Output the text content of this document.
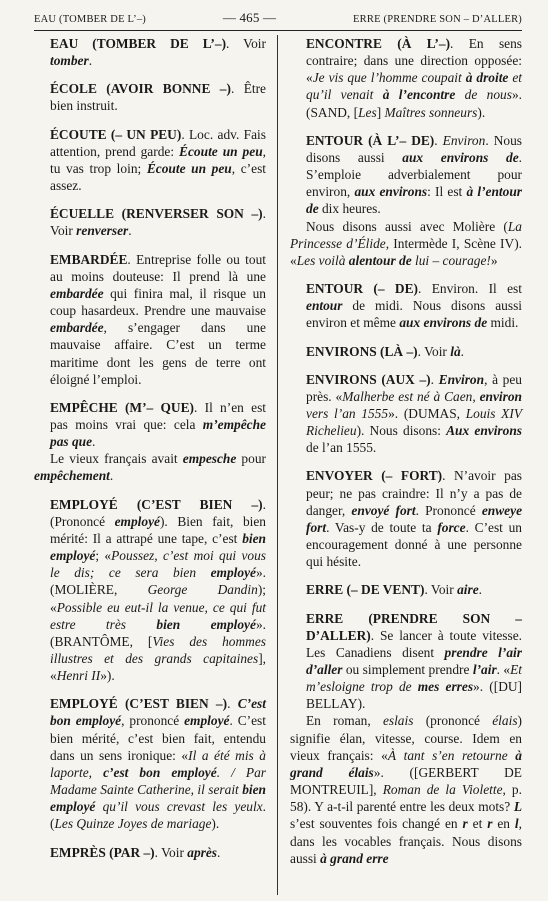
EAU (TOMBER DE L’–)	— 465 —	ERRE (PRENDRE SON – D’ALLER)

EAU (TOMBER DE L’–). Voir tomber.

ÉCOLE (AVOIR BONNE –). Être bien instruit.

ÉCOUTE (– UN PEU). Loc. adv. Fais attention, prend garde: Écoute un peu, tu vas trop loin; Écoute un peu, c’est assez.

ÉCUELLE (RENVERSER SON –). Voir renverser.

EMBARDÉE. Entreprise folle ou tout au moins douteuse: Il prend là une embardée qui finira mal, il risque un coup hasardeux. Prendre une mauvaise embardée, s’engager dans une mauvaise affaire. C’est un terme maritime dont les gens de terre ont éloigné l’emploi.

EMPÊCHE (M’– QUE). Il n’en est pas moins vrai que: cela m’empêche pas que.

Le vieux français avait empesche pour empêchement.

EMPLOYÉ (C’EST BIEN –). (Prononcé employé). Bien fait, bien mérité: Il a attrapé une tape, c’est bien employé; «Poussez, c’est moi qui vous le dis; ce sera bien employé». (MOLIÈRE, George Dandin); «Possible eu eut-il la venue, ce qui fut estre très bien employé». (BRANTÔME, [Vies des hommes illustres et des grands capitaines], «Henri II»).

EMPLOYÉ (C’EST BIEN –). C’est bon employé, prononcé employé. C’est bien mérité, c’est bien fait, entendu dans un sens ironique: «Il a été mis à laporte, c’est bon employé. / Par Madame Sainte Catherine, il serait bien employé qu’il vous crevast les yeulx. (Les Quinze Joyes de mariage).

EMPRÈS (PAR –). Voir après.

ENCONTRE (À L’–). En sens contraire; dans une direction opposée: «Je vis que l’homme coupait à droite et qu’il venait à l’encontre de nous». (SAND, [Les] Maîtres sonneurs).

ENTOUR (À L’– DE). Environ. Nous disons aussi aux environs de. S’emploie adverbialement pour environ, aux environs: Il est à l’entour de dix heures.

Nous disons aussi avec Molière (La Princesse d’Élide, Intermède I, Scène IV). «Les voilà alentour de lui – courage!»

ENTOUR (– DE). Environ. Il est entour de midi. Nous disons aussi environ et même aux environs de midi.

ENVIRONS (LÀ –). Voir là.

ENVIRONS (AUX –). Environ, à peu près. «Malherbe est né à Caen, environ vers l’an 1555». (DUMAS, Louis XIV Richelieu). Nous disons: Aux environs de l’an 1555.

ENVOYER (– FORT). N’avoir pas peur; ne pas craindre: Il n’y a pas de danger, envoyé fort. Prononcé enweye fort. Vas-y de toute ta force. C’est un encouragement donné à une personne qui hésite.

ERRE (– DE VENT). Voir aire.

ERRE (PRENDRE SON – D’ALLER). Se lancer à toute vitesse. Les Canadiens disent prendre l’air d’aller ou simplement prendre l’air. «Et m’esloigne trop de mes erres». ([DU] BELLAY).

En roman, eslais (prononcé élais) signifie élan, vitesse, course. Idem en vieux français: «À tant s’en retourne à grand élais». ([GERBERT DE MONTREUIL], Roman de la Violette, p. 58). Y a-t-il parenté entre les deux mots? L s’est souventes fois changé en r et r en l, dans les vocables français. Nous disons aussi à grand erre
